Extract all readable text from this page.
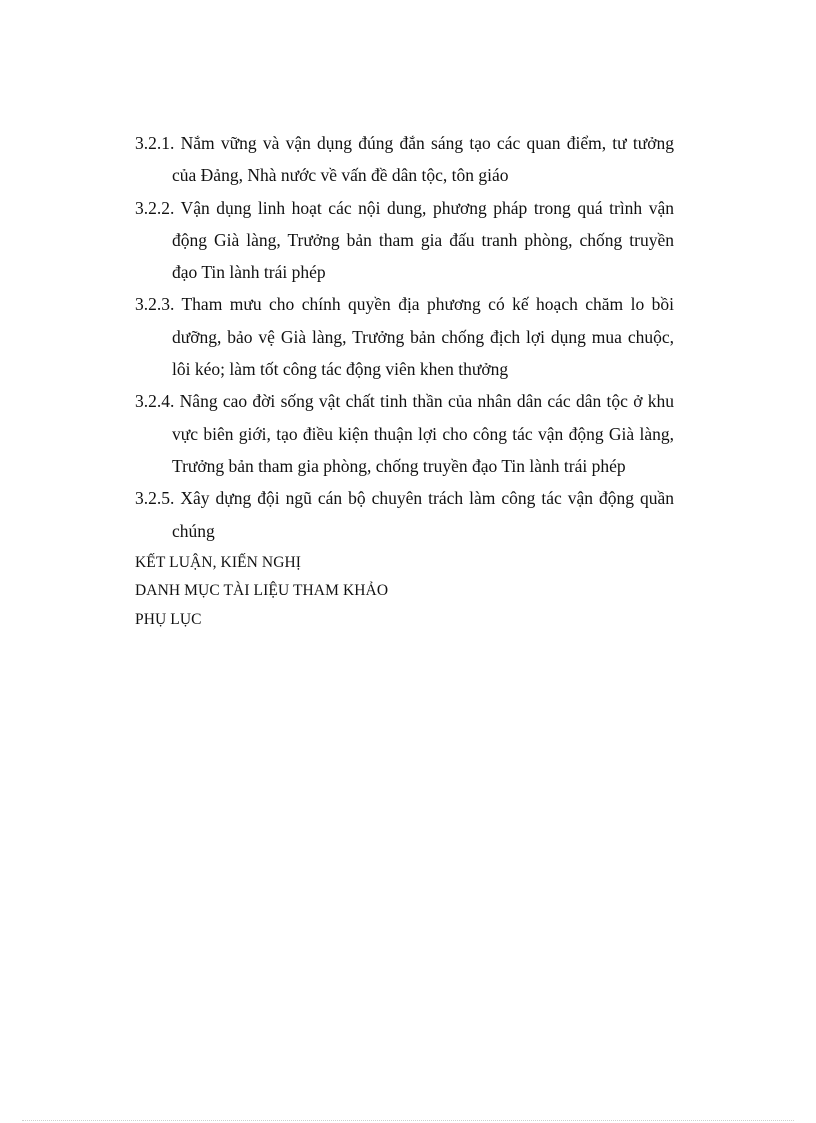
3.2.1. Nắm vững và vận dụng đúng đắn sáng tạo các quan điểm, tư tưởng của Đảng, Nhà nước về vấn đề dân tộc, tôn giáo

3.2.2. Vận dụng linh hoạt các nội dung, phương pháp trong quá trình vận động Già làng, Trưởng bản tham gia đấu tranh phòng, chống truyền đạo Tin lành trái phép

3.2.3. Tham mưu cho chính quyền địa phương có kế hoạch chăm lo bồi dưỡng, bảo vệ Già làng, Trưởng bản chống địch lợi dụng mua chuộc, lôi kéo; làm tốt công tác động viên khen thưởng

3.2.4. Nâng cao đời sống vật chất tinh thần của nhân dân các dân tộc ở khu vực biên giới, tạo điều kiện thuận lợi cho công tác vận động Già làng, Trưởng bản tham gia phòng, chống truyền đạo Tin lành trái phép

3.2.5. Xây dựng đội ngũ cán bộ chuyên trách làm công tác vận động quần chúng

KẾT LUẬN, KIẾN NGHỊ

DANH MỤC TÀI LIỆU THAM KHẢO

PHỤ LỤC
